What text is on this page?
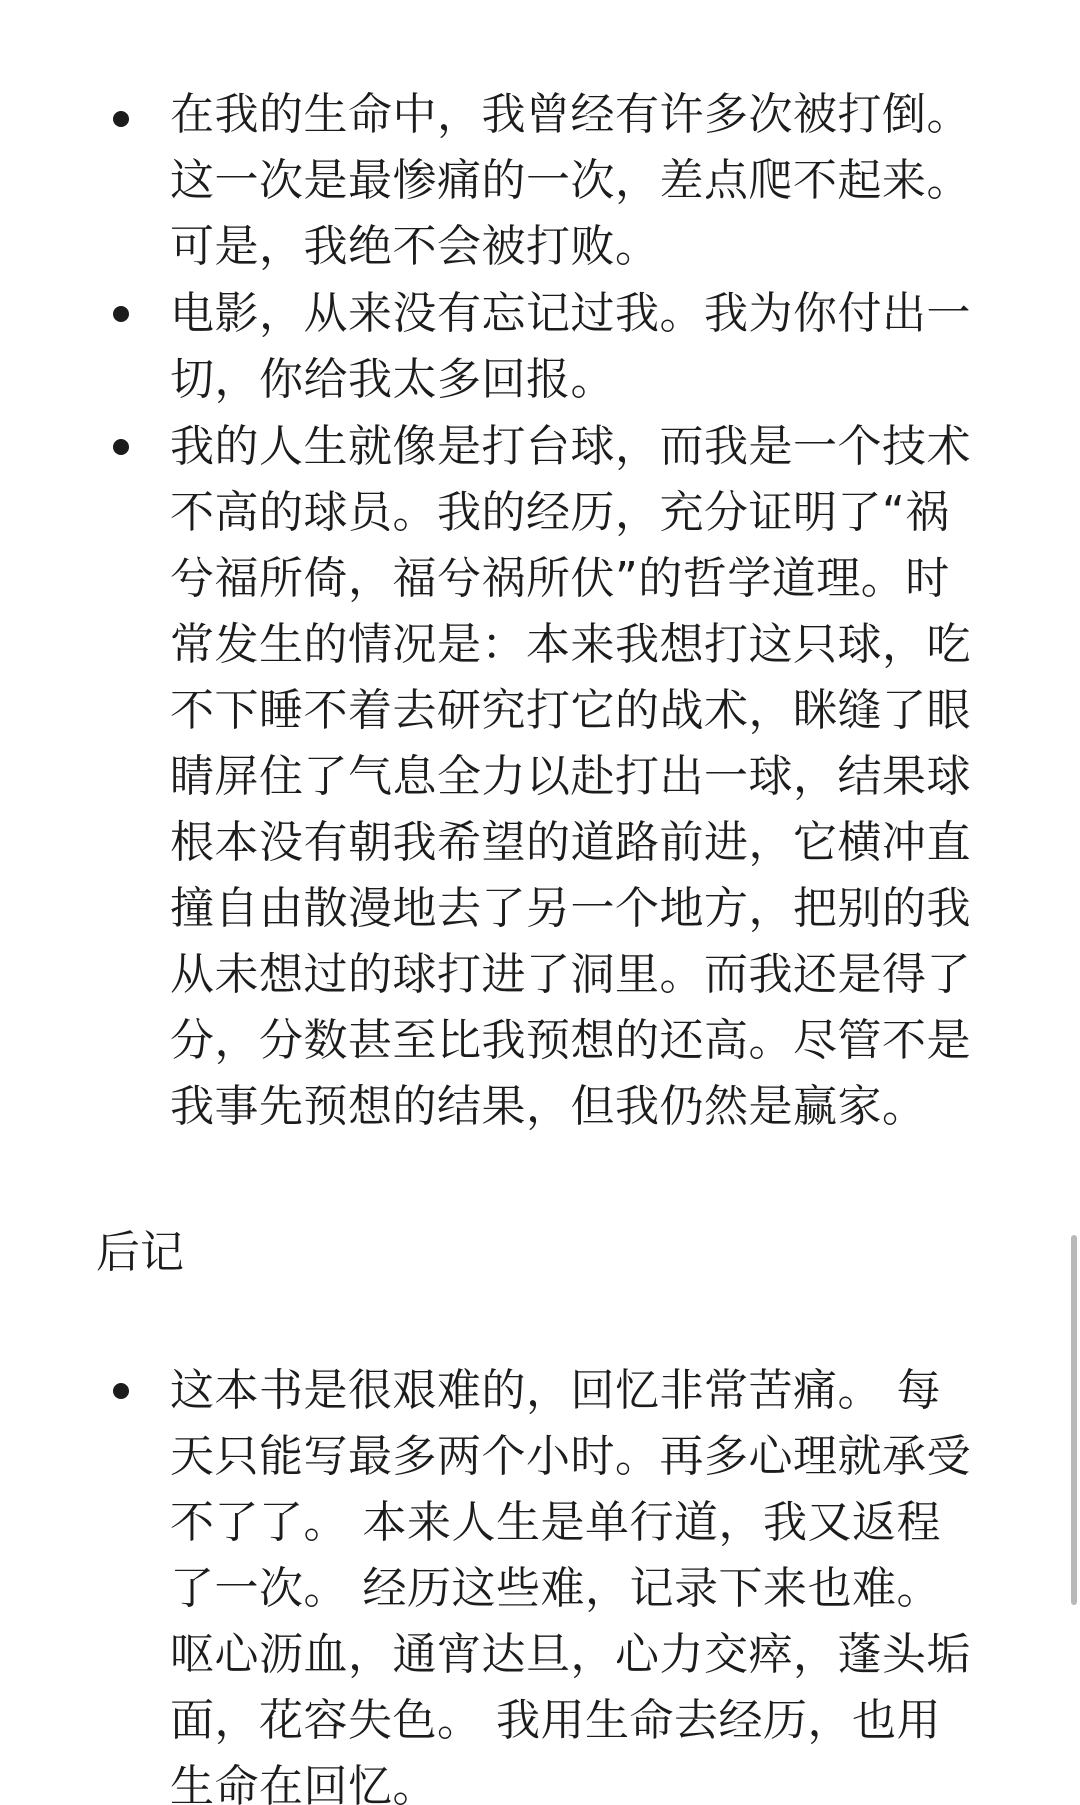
在我的生命中，我曾经有许多次被打倒。
这一次是最惨痛的一次，差点爬不起来。
可是，我绝不会被打败。
电影，从来没有忘记过我。我为你付出一
切，你给我太多回报。
我的人生就像是打台球，而我是一个技术
不高的球员。我的经历，充分证明了“祸
兮福所倚，福兮祸所伏”的哲学道理。时
常发生的情况是：本来我想打这只球，吃
不下睡不着去研究打它的战术，眯缝了眼
睛屏住了气息全力以赴打出一球，结果球
根本没有朝我希望的道路前进，它横冲直
撞自由散漫地去了另一个地方，把别的我
从未想过的球打进了洞里。而我还是得了
分，分数甚至比我预想的还高。尽管不是
我事先预想的结果，但我仍然是赢家。
后记
这本书是很艰难的，回忆非常苦痛。 每
天只能写最多两个小时。再多心理就承受
不了了。 本来人生是单行道，我又返程
了一次。 经历这些难，记录下来也难。
呕心沥血，通宵达旦，心力交瘁，蓬头垢
面，花容失色。 我用生命去经历，也用
生命在回忆。
